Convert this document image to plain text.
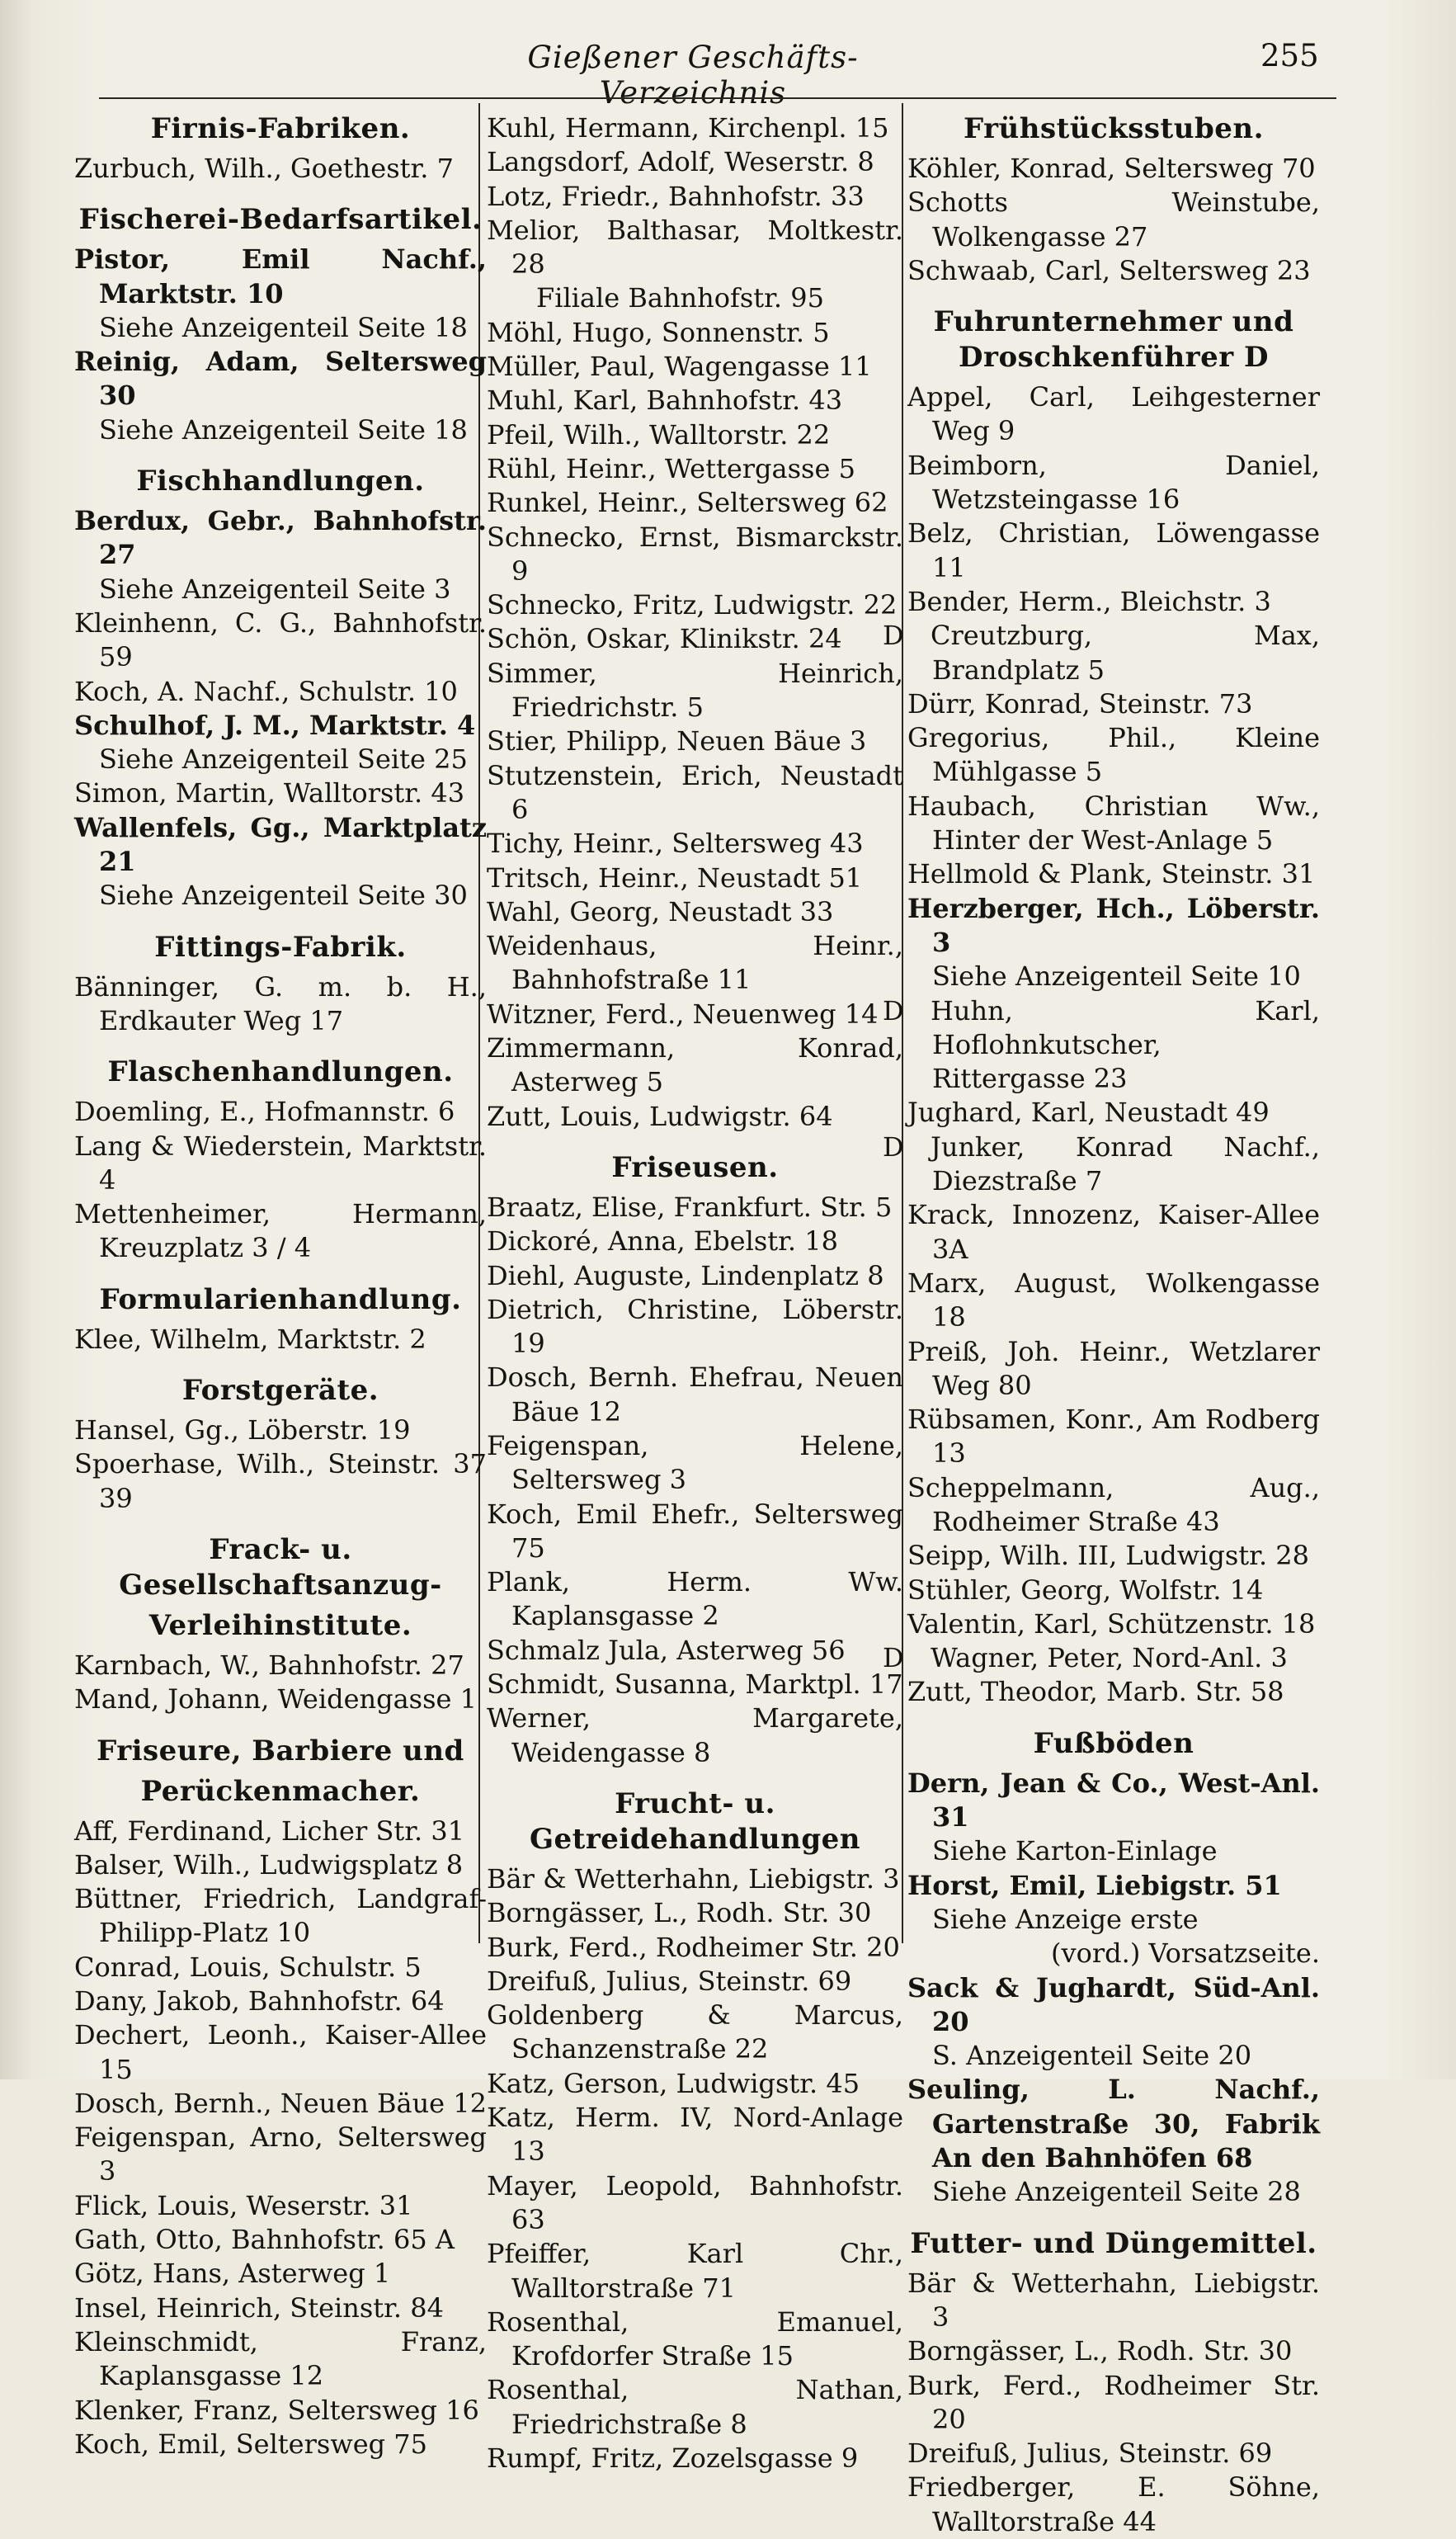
Gießener Geschäfts-Verzeichnis
255
Firnis-Fabriken.
Zurbuch, Wilh., Goethestr. 7
Fischerei-Bedarfsartikel.
Pistor, Emil Nachf., Marktstr. 10
Siehe Anzeigenteil Seite 18
Reinig, Adam, Seltersweg 30
Siehe Anzeigenteil Seite 18
Fischhandlungen.
Berdux, Gebr., Bahnhofstr. 27
Siehe Anzeigenteil Seite 3
Kleinhenn, C. G., Bahnhofstr. 59
Koch, A. Nachf., Schulstr. 10
Schulhof, J. M., Marktstr. 4
Siehe Anzeigenteil Seite 25
Simon, Martin, Walltorstr. 43
Wallenfels, Gg., Marktplatz 21
Siehe Anzeigenteil Seite 30
Fittings-Fabrik.
Bänninger, G. m. b. H., Erdkauter Weg 17
Flaschenhandlungen.
Doemling, E., Hofmannstr. 6
Lang & Wiederstein, Marktstr. 4
Mettenheimer, Hermann, Kreuzplatz 3 / 4
Formularienhandlung.
Klee, Wilhelm, Marktstr. 2
Forstgeräte.
Hansel, Gg., Löberstr. 19
Spoerhase, Wilh., Steinstr. 37 39
Frack- u. Gesellschaftsanzug-
Verleihinstitute.
Karnbach, W., Bahnhofstr. 27
Mand, Johann, Weidengasse 1
Friseure, Barbiere und
Perückenmacher.
Aff, Ferdinand, Licher Str. 31
Balser, Wilh., Ludwigsplatz 8
Büttner, Friedrich, Landgraf-Philipp-Platz 10
Conrad, Louis, Schulstr. 5
Dany, Jakob, Bahnhofstr. 64
Dechert, Leonh., Kaiser-Allee 15
Dosch, Bernh., Neuen Bäue 12
Feigenspan, Arno, Seltersweg 3
Flick, Louis, Weserstr. 31
Gath, Otto, Bahnhofstr. 65 A
Götz, Hans, Asterweg 1
Insel, Heinrich, Steinstr. 84
Kleinschmidt, Franz, Kaplansgasse 12
Klenker, Franz, Seltersweg 16
Koch, Emil, Seltersweg 75
Kuhl, Hermann, Kirchenpl. 15
Langsdorf, Adolf, Weserstr. 8
Lotz, Friedr., Bahnhofstr. 33
Melior, Balthasar, Moltkestr. 28
Filiale Bahnhofstr. 95
Möhl, Hugo, Sonnenstr. 5
Müller, Paul, Wagengasse 11
Muhl, Karl, Bahnhofstr. 43
Pfeil, Wilh., Walltorstr. 22
Rühl, Heinr., Wettergasse 5
Runkel, Heinr., Seltersweg 62
Schnecko, Ernst, Bismarckstr. 9
Schnecko, Fritz, Ludwigstr. 22
Schön, Oskar, Klinikstr. 24
Simmer, Heinrich, Friedrichstr. 5
Stier, Philipp, Neuen Bäue 3
Stutzenstein, Erich, Neustadt 6
Tichy, Heinr., Seltersweg 43
Tritsch, Heinr., Neustadt 51
Wahl, Georg, Neustadt 33
Weidenhaus, Heinr., Bahnhofstraße 11
Witzner, Ferd., Neuenweg 14
Zimmermann, Konrad, Asterweg 5
Zutt, Louis, Ludwigstr. 64
Friseusen.
Braatz, Elise, Frankfurt. Str. 5
Dickoré, Anna, Ebelstr. 18
Diehl, Auguste, Lindenplatz 8
Dietrich, Christine, Löberstr. 19
Dosch, Bernh. Ehefrau, Neuen Bäue 12
Feigenspan, Helene, Seltersweg 3
Koch, Emil Ehefr., Seltersweg 75
Plank, Herm. Ww. Kaplansgasse 2
Schmalz Jula, Asterweg 56
Schmidt, Susanna, Marktpl. 17
Werner, Margarete, Weidengasse 8
Frucht- u. Getreidehandlungen
Bär & Wetterhahn, Liebigstr. 3
Borngässer, L., Rodh. Str. 30
Burk, Ferd., Rodheimer Str. 20
Dreifuß, Julius, Steinstr. 69
Goldenberg & Marcus, Schanzenstraße 22
Katz, Gerson, Ludwigstr. 45
Katz, Herm. IV, Nord-Anlage 13
Mayer, Leopold, Bahnhofstr. 63
Pfeiffer, Karl Chr., Walltorstraße 71
Rosenthal, Emanuel, Krofdorfer Straße 15
Rosenthal, Nathan, Friedrichstraße 8
Rumpf, Fritz, Zozelsgasse 9
Frühstücksstuben.
Köhler, Konrad, Seltersweg 70
Schotts Weinstube, Wolkengasse 27
Schwaab, Carl, Seltersweg 23
Fuhrunternehmer und Droschkenführer D
Appel, Carl, Leihgesterner Weg 9
Beimborn, Daniel, Wetzsteingasse 16
Belz, Christian, Löwengasse 11
Bender, Herm., Bleichstr. 3
D Creutzburg, Max, Brandplatz 5
Dürr, Konrad, Steinstr. 73
Gregorius, Phil., Kleine Mühlgasse 5
Haubach, Christian Ww., Hinter der West-Anlage 5
Hellmold & Plank, Steinstr. 31
Herzberger, Hch., Löberstr. 3
Siehe Anzeigenteil Seite 10
D Huhn, Karl, Hoflohnkutscher, Rittergasse 23
Jughard, Karl, Neustadt 49
D Junker, Konrad Nachf., Diezstraße 7
Krack, Innozenz, Kaiser-Allee 3A
Marx, August, Wolkengasse 18
Preiß, Joh. Heinr., Wetzlarer Weg 80
Rübsamen, Konr., Am Rodberg 13
Scheppelmann, Aug., Rodheimer Straße 43
Seipp, Wilh. III, Ludwigstr. 28
Stühler, Georg, Wolfstr. 14
Valentin, Karl, Schützenstr. 18
D Wagner, Peter, Nord-Anl. 3
Zutt, Theodor, Marb. Str. 58
Fußböden
Dern, Jean & Co., West-Anl. 31
Siehe Karton-Einlage
Horst, Emil, Liebigstr. 51
Siehe Anzeige erste
(vord.) Vorsatzseite.
Sack & Jughardt, Süd-Anl. 20
S. Anzeigenteil Seite 20
Seuling, L. Nachf., Gartenstraße 30, Fabrik An den Bahnhöfen 68
Siehe Anzeigenteil Seite 28
Futter- und Düngemittel.
Bär & Wetterhahn, Liebigstr. 3
Borngässer, L., Rodh. Str. 30
Burk, Ferd., Rodheimer Str. 20
Dreifuß, Julius, Steinstr. 69
Friedberger, E. Söhne, Walltorstraße 44
